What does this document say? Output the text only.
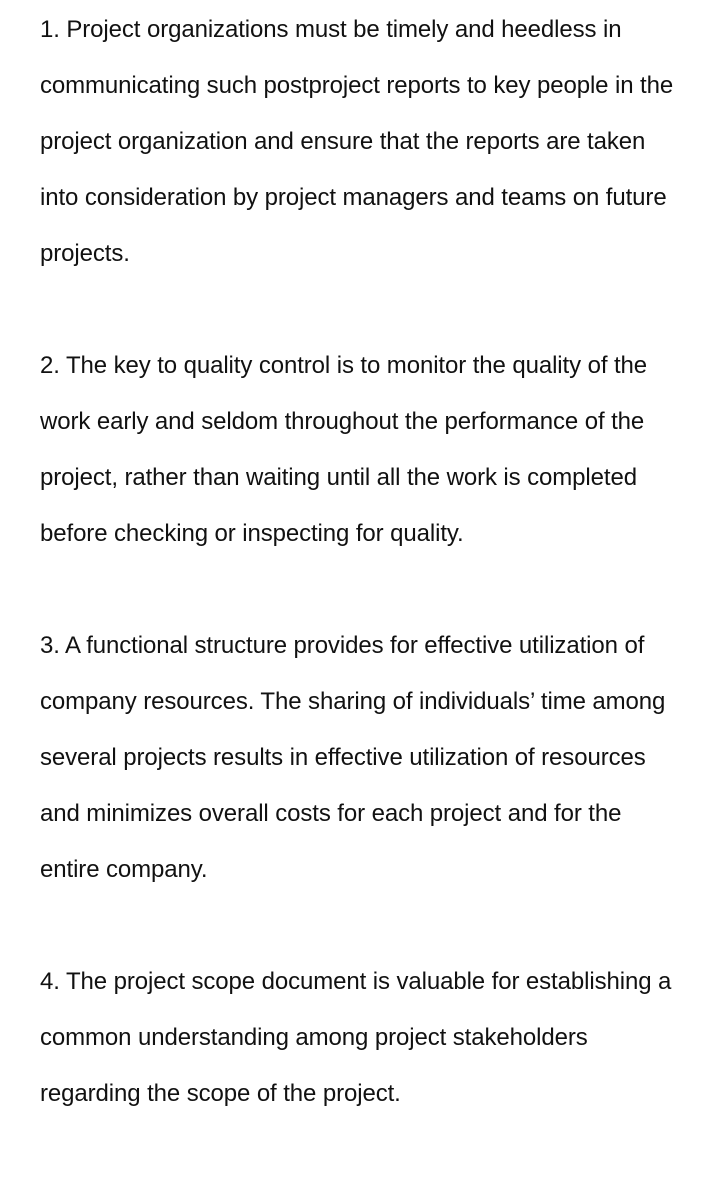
1. Project organizations must be timely and heedless in communicating such postproject reports to key people in the project organization and ensure that the reports are taken into consideration by project managers and teams on future projects.

2. The key to quality control is to monitor the quality of the work early and seldom throughout the performance of the project, rather than waiting until all the work is completed before checking or inspecting for quality.

3. A functional structure provides for effective utilization of company resources. The sharing of individuals’ time among several projects results in effective utilization of resources and minimizes overall costs for each project and for the entire company.

4. The project scope document is valuable for establishing a common understanding among project stakeholders regarding the scope of the project.
